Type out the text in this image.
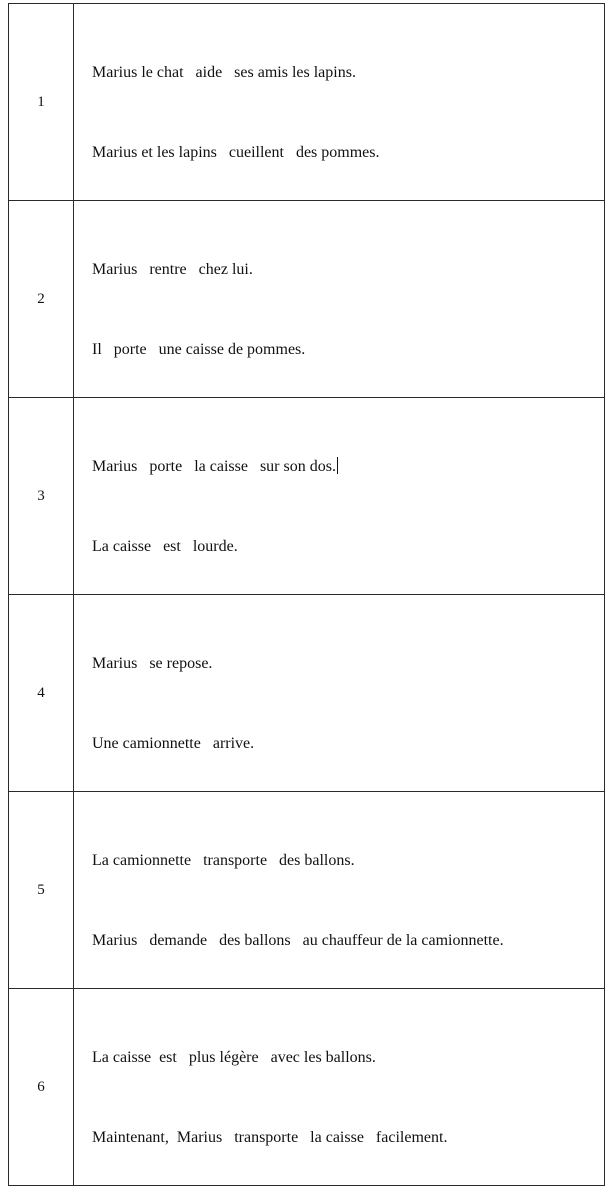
1	Marius le chat   aide   ses amis les lapins.

Marius et les lapins   cueillent   des pommes.

2	Marius   rentre   chez lui.

Il   porte   une caisse de pommes.

3	Marius   porte   la caisse   sur son dos.

La caisse   est   lourde.

4	Marius   se repose.

Une camionnette   arrive.

5	La camionnette   transporte   des ballons.

Marius   demande   des ballons   au chauffeur de la camionnette.

6	La caisse  est   plus légère   avec les ballons.

Maintenant,  Marius   transporte   la caisse   facilement.
